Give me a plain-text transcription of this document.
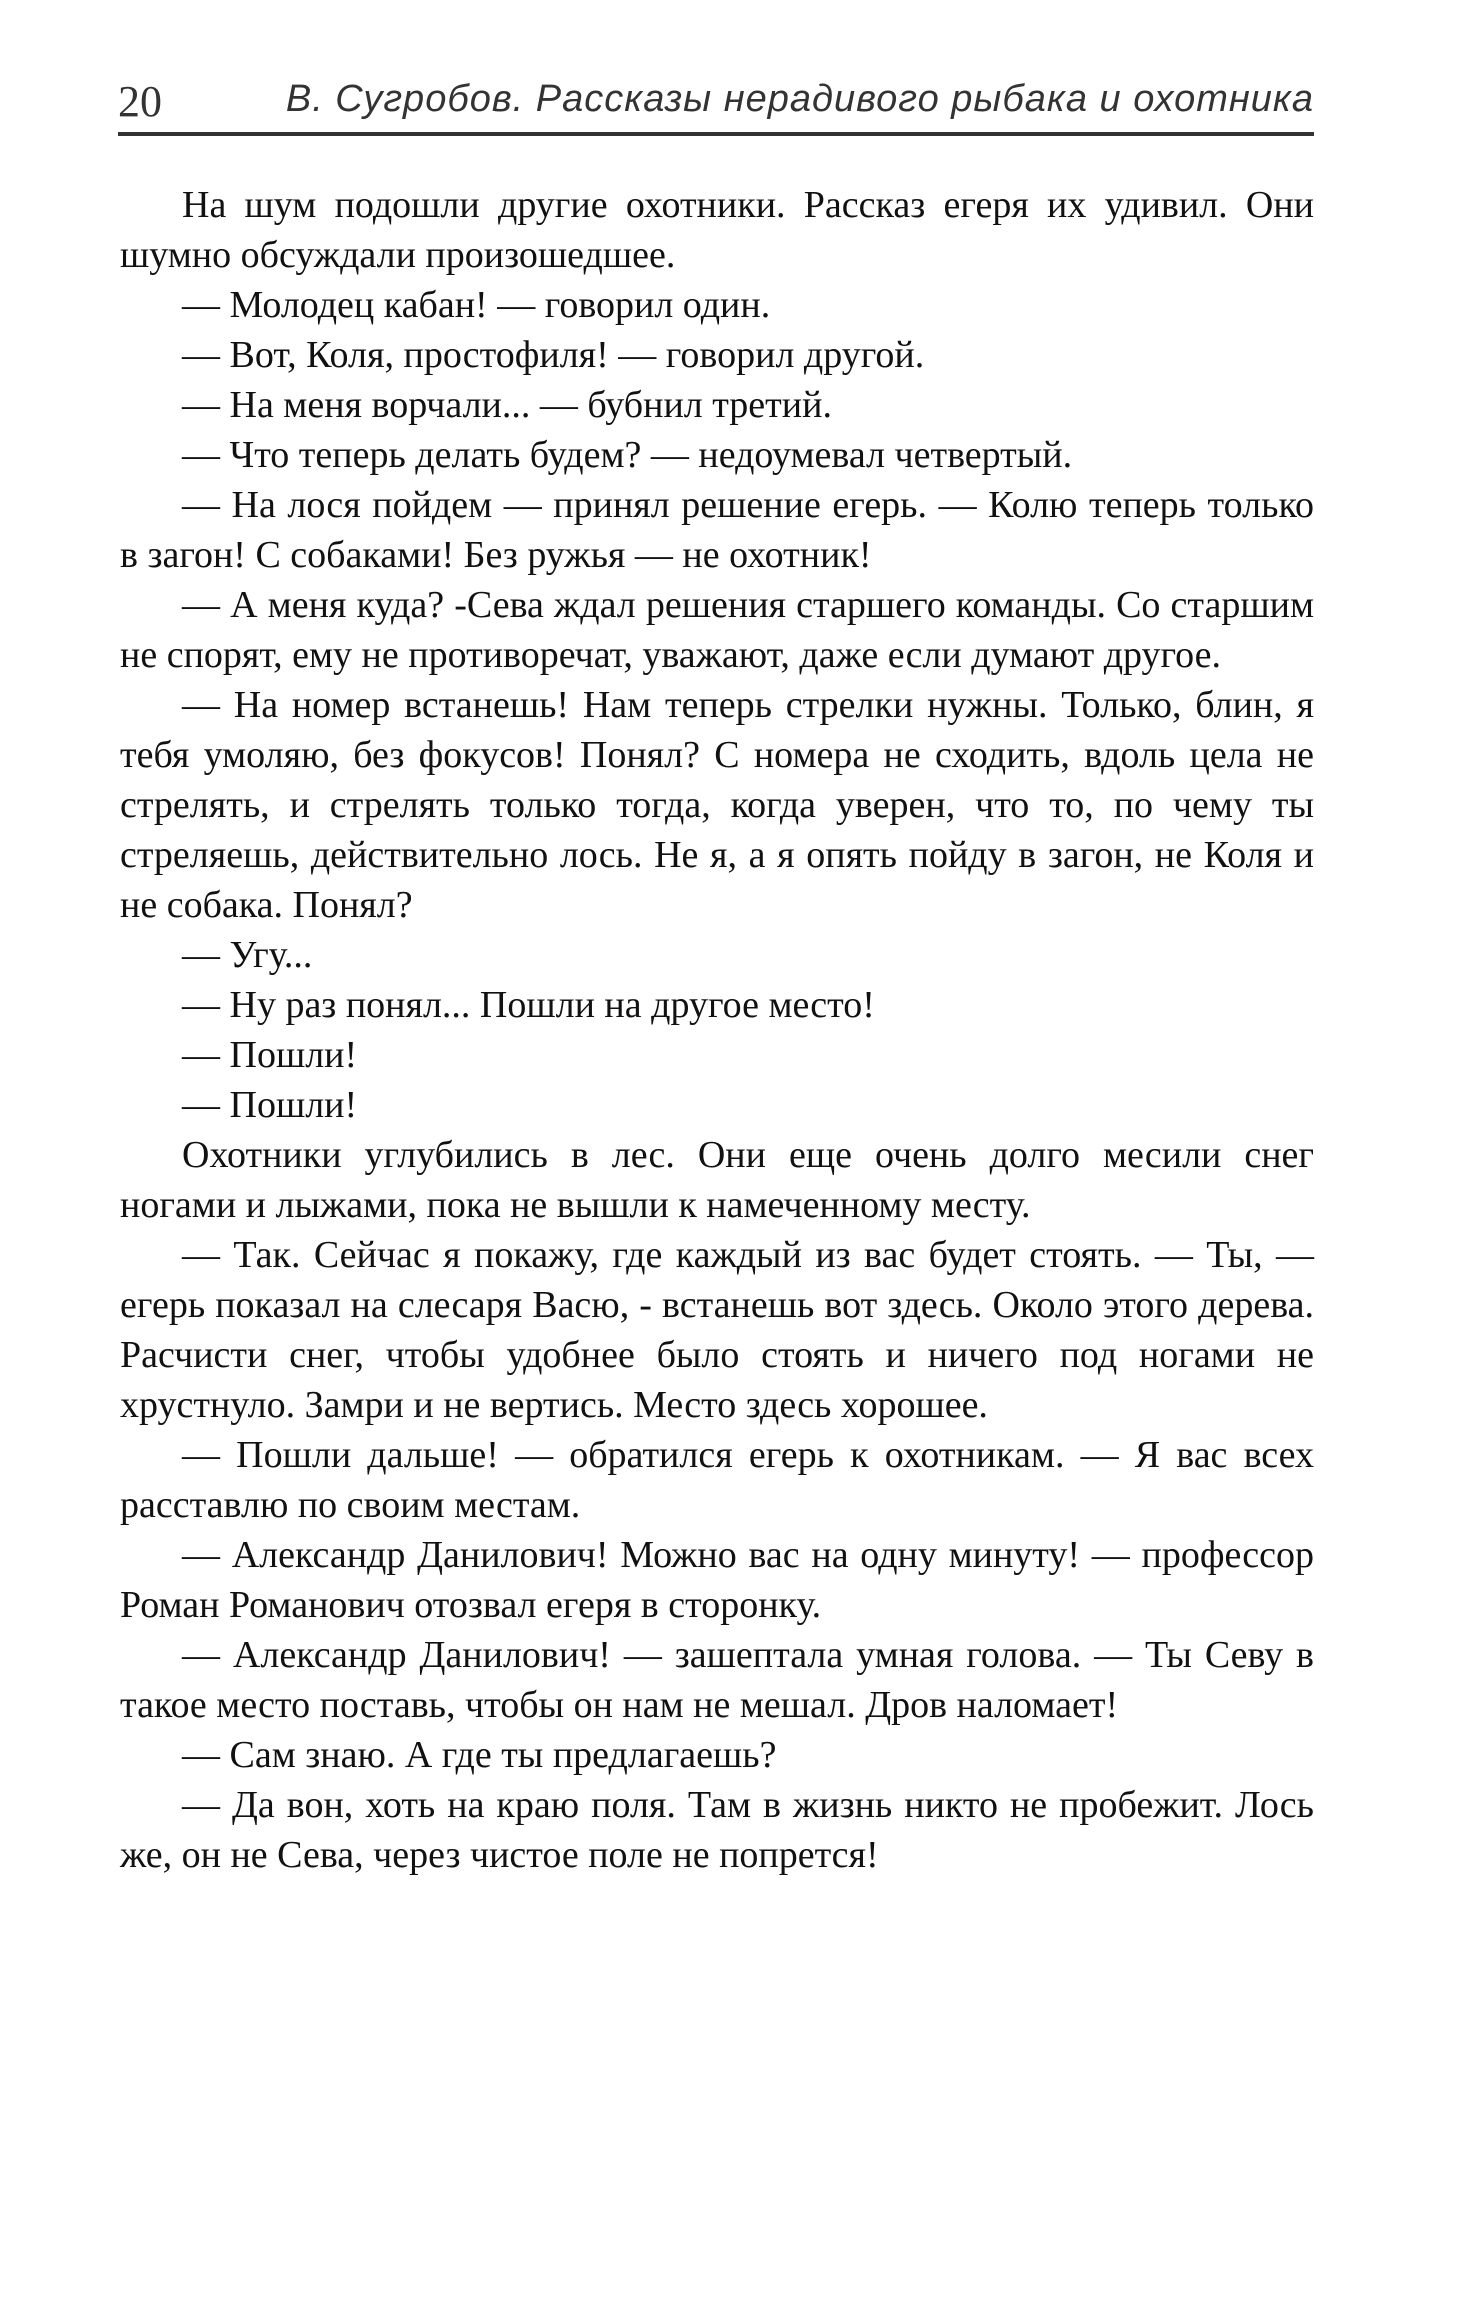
20	В. Сугробов. Рассказы нерадивого рыбака и охотника

На шум подошли другие охотники. Рассказ егеря их удивил. Они шумно обсуждали произошедшее.

— Молодец кабан! — говорил один.

— Вот, Коля, простофиля! — говорил другой.

— На меня ворчали... — бубнил третий.

— Что теперь делать будем? — недоумевал четвертый.

— На лося пойдем — принял решение егерь. — Колю теперь только в загон! С собаками! Без ружья — не охотник!

— А меня куда? -Сева ждал решения старшего команды. Со старшим не спорят, ему не противоречат, уважают, даже если думают другое.

— На номер встанешь! Нам теперь стрелки нужны. Только, блин, я тебя умоляю, без фокусов! Понял? С номера не сходить, вдоль цела не стрелять, и стрелять только тогда, когда уверен, что то, по чему ты стреляешь, действительно лось. Не я, а я опять пойду в загон, не Коля и не собака. Понял?

— Угу...

— Ну раз понял... Пошли на другое место!

— Пошли!

— Пошли!

Охотники углубились в лес. Они еще очень долго месили снег ногами и лыжами, пока не вышли к намеченному месту.

— Так. Сейчас я покажу, где каждый из вас будет стоять. — Ты, — егерь показал на слесаря Васю, - встанешь вот здесь. Около этого дерева. Расчисти снег, чтобы удобнее было стоять и ничего под ногами не хрустнуло. Замри и не вертись. Место здесь хорошее.

— Пошли дальше! — обратился егерь к охотникам. — Я вас всех расставлю по своим местам.

— Александр Данилович! Можно вас на одну минуту! — профессор Роман Романович отозвал егеря в сторонку.

— Александр Данилович! — зашептала умная голова. — Ты Севу в такое место поставь, чтобы он нам не мешал. Дров наломает!

— Сам знаю. А где ты предлагаешь?

— Да вон, хоть на краю поля. Там в жизнь никто не пробежит. Лось же, он не Сева, через чистое поле не попрется!
